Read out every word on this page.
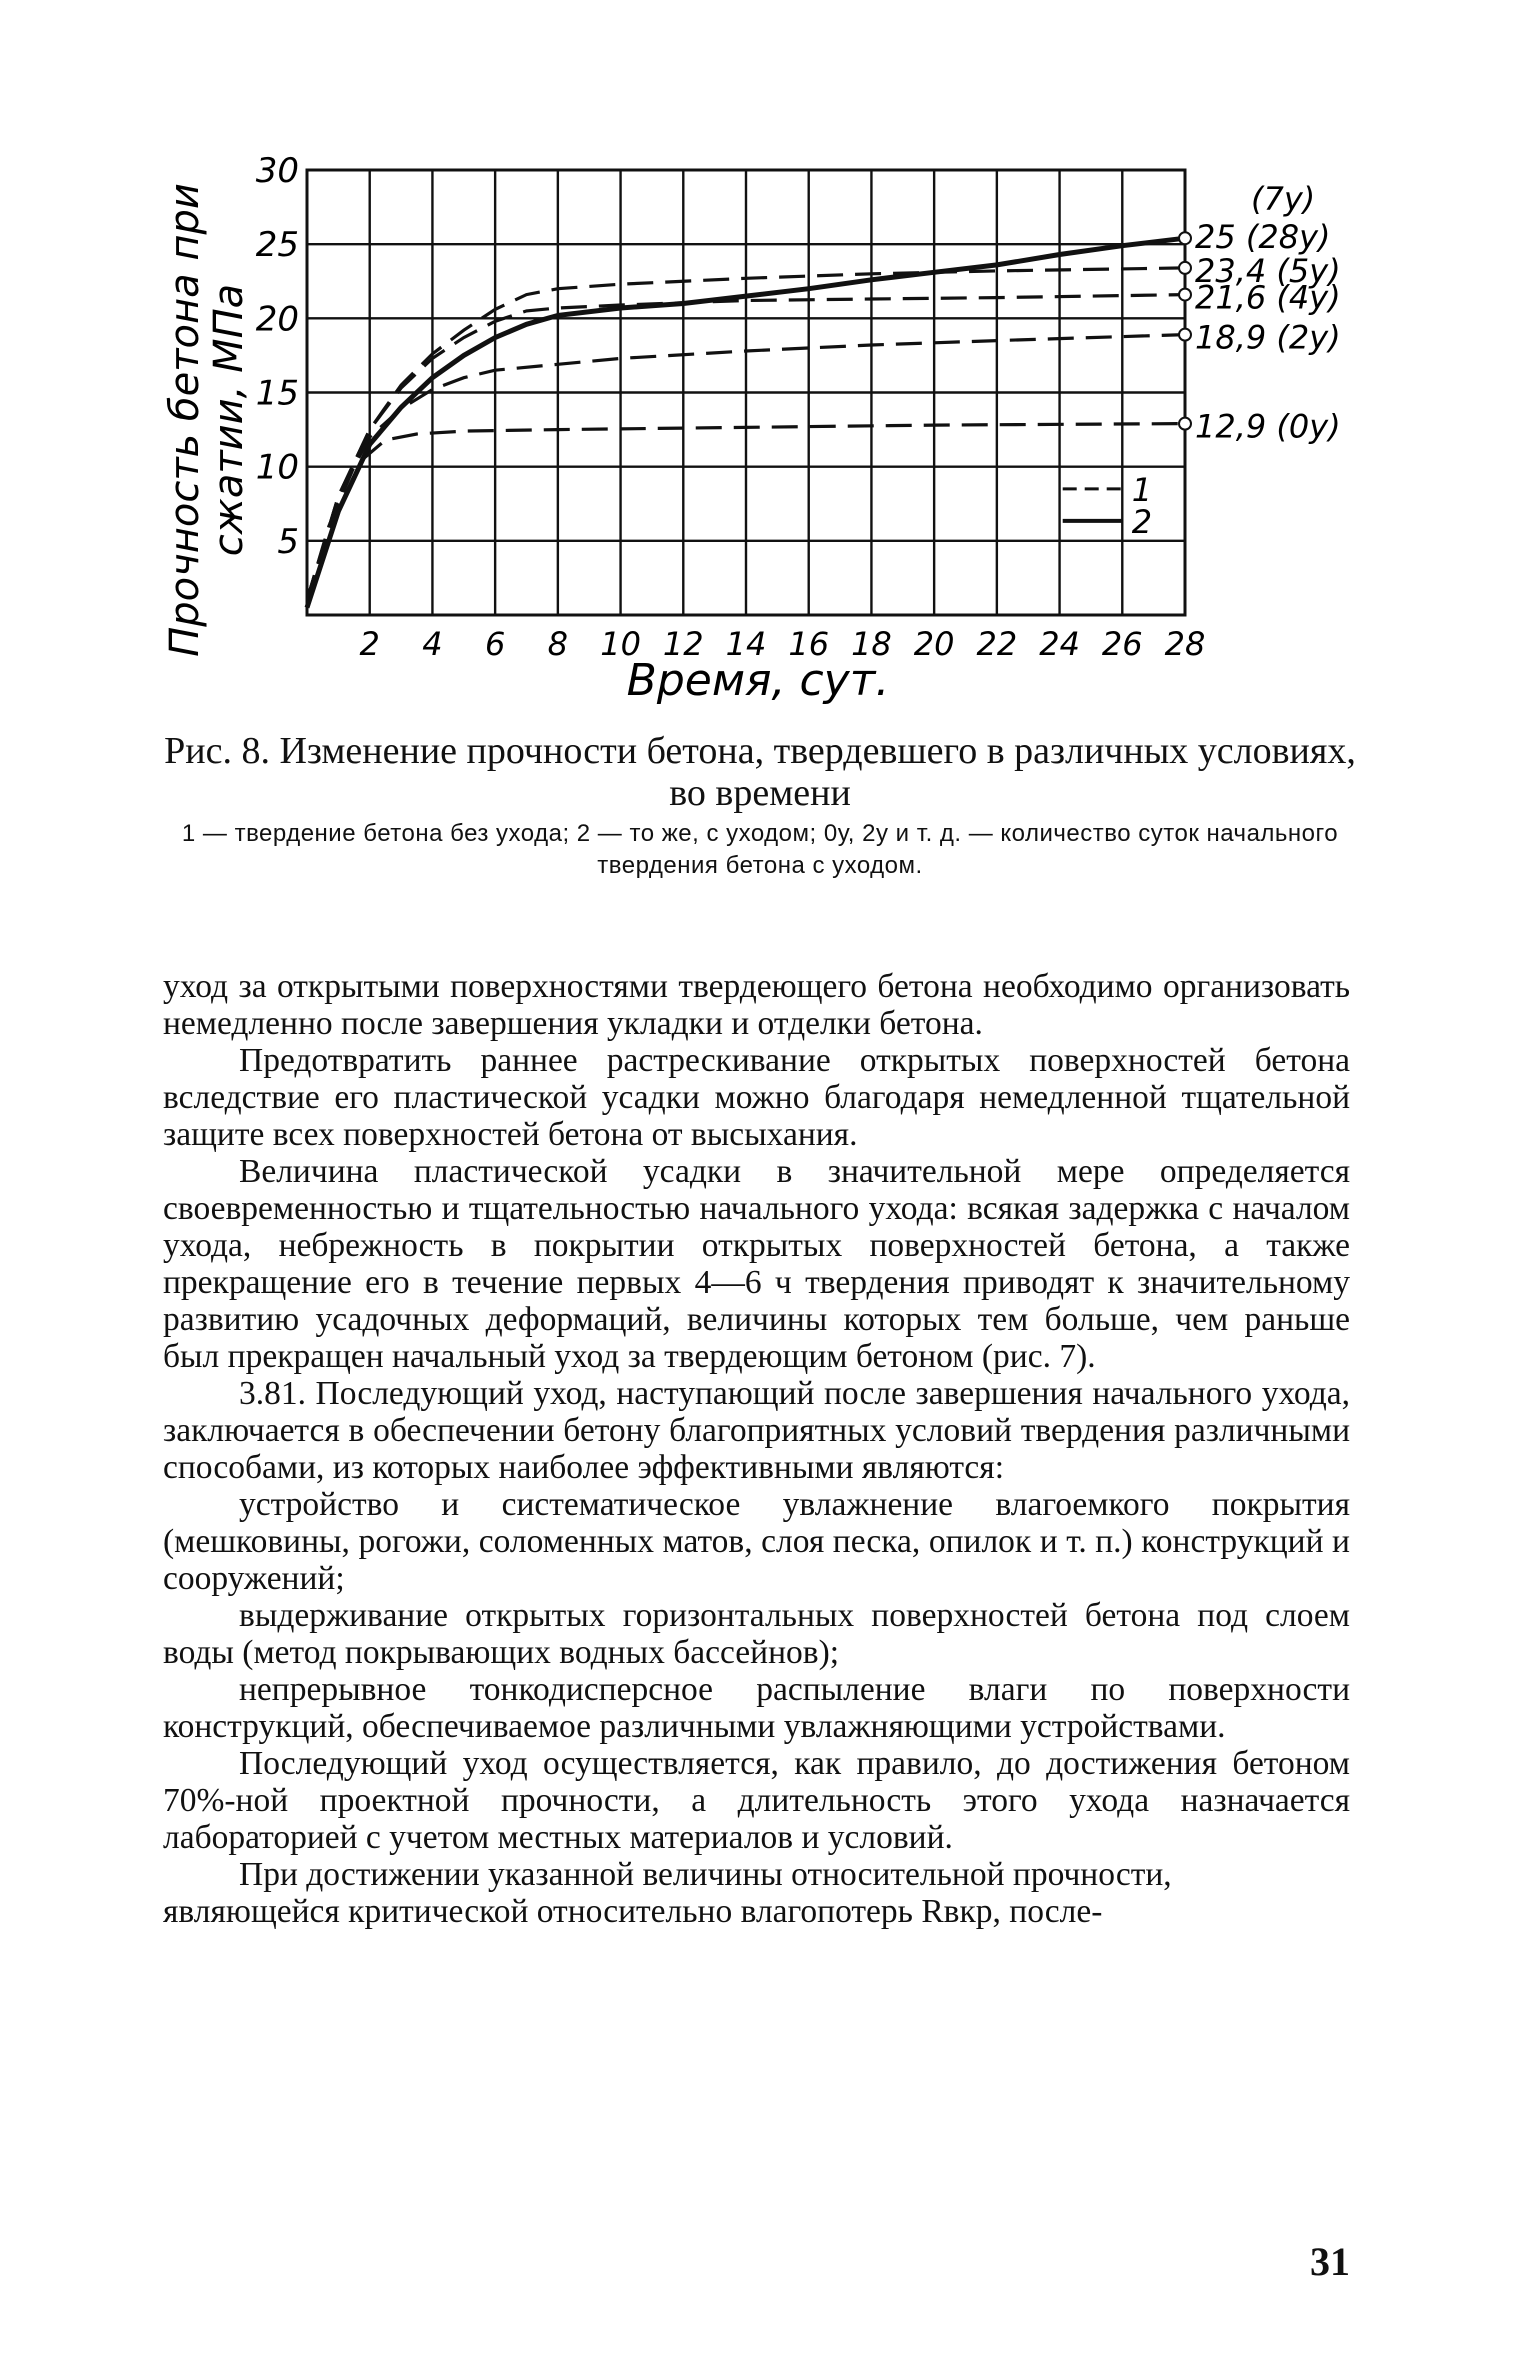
Прочность бетона при
сжатии, МПа
30
25
20
15
10
5
2 4 6 8 10 12 14 16 18 20 22 24 26 28
25 (28у)
(7у)
23,4 (5у)
21,6 (4у)
18,9 (2у)
12,9 (0у)
1
2
Время, сут.
Рис. 8. Изменение прочности бетона, твердевшего в различных условиях, во времени
1 — твердение бетона без ухода; 2 — то же, с уходом; 0у, 2у и т. д. — количество суток начального твердения бетона с уходом.

уход за открытыми поверхностями твердеющего бетона необходимо организовать немедленно после завершения укладки и отделки бетона.

Предотвратить раннее растрескивание открытых поверхностей бетона вследствие его пластической усадки можно благодаря немедленной тщательной защите всех поверхностей бетона от высыхания.

Величина пластической усадки в значительной мере определяется своевременностью и тщательностью начального ухода: всякая задержка с началом ухода, небрежность в покрытии открытых поверхностей бетона, а также прекращение его в течение первых 4—6 ч твердения приводят к значительному развитию усадочных деформаций, величины которых тем больше, чем раньше был прекращен начальный уход за твердеющим бетоном (рис. 7).

3.81. Последующий уход, наступающий после завершения начального ухода, заключается в обеспечении бетону благоприятных условий твердения различными способами, из которых наиболее эффективными являются:

устройство и систематическое увлажнение влагоемкого покрытия (мешковины, рогожи, соломенных матов, слоя песка, опилок и т. п.) конструкций и сооружений;

выдерживание открытых горизонтальных поверхностей бетона под слоем воды (метод покрывающих водных бассейнов);

непрерывное тонкодисперсное распыление влаги по поверхности конструкций, обеспечиваемое различными увлажняющими устройствами.

Последующий уход осуществляется, как правило, до достижения бетоном 70%-ной проектной прочности, а длительность этого ухода назначается лабораторией с учетом местных материалов и условий.

При достижении указанной величины относительной прочности, являющейся критической относительно влагопотерь Rвкр, после-

31
